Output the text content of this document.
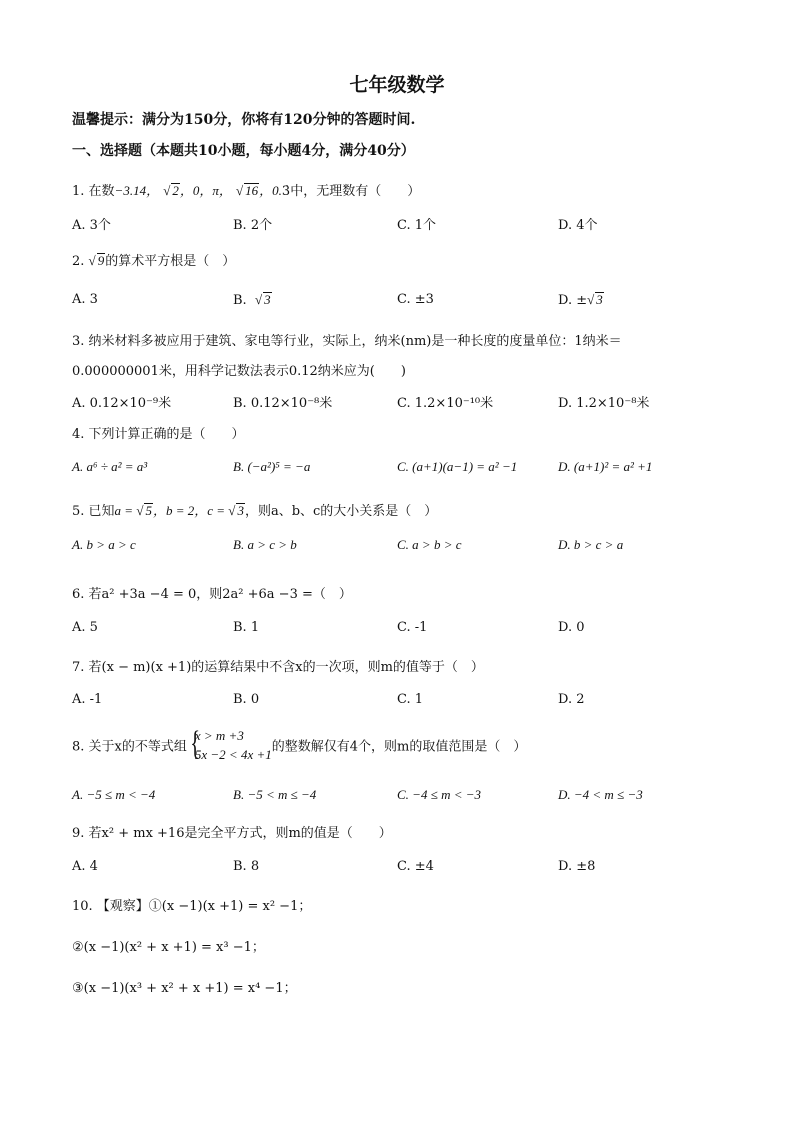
七年级数学
温馨提示：满分为150分，你将有120分钟的答题时间.
一、选择题（本题共10小题，每小题4分，满分40分）
1. 在数−3.14， √ 2，0，π， √ 16，0.3̇中，无理数有（　　）
A. 3个	B. 2个	C. 1个	D. 4个
2. √ 9的算术平方根是（　）
A. 3	B. √ 3	C. ±3	D. ±√ 3
3. 纳米材料多被应用于建筑、家电等行业，实际上，纳米(nm)是一种长度的度量单位：1纳米＝
0.000000001米，用科学记数法表示0.12纳米应为(　　)
A. 0.12×10⁻⁹米	B. 0.12×10⁻⁸米	C. 1.2×10⁻¹⁰米	D. 1.2×10⁻⁸米
4. 下列计算正确的是（　　）
A. a⁶ ÷ a² = a³	B. (−a²)⁵ = −a	C. (a+1)(a−1) = a² −1	D. (a+1)² = a² +1
5. 已知a = √ 5，b = 2，c = √ 3，则a、b、c的大小关系是（　）
A. b > a > c	B. a > c > b	C. a > b > c	D. b > c > a
6. 若a² +3a −4 = 0，则2a² +6a −3 =（　）
A. 5	B. 1	C. -1	D. 0
7. 若(x − m)(x +1)的运算结果中不含x的一次项，则m的值等于（　）
A. -1	B. 0	C. 1	D. 2
8. 关于x的不等式组 {
x > m +3
5x −2 < 4x +1 的整数解仅有4个，则m的取值范围是（　）
A. −5 ≤ m < −4	B. −5 < m ≤ −4	C. −4 ≤ m < −3	D. −4 < m ≤ −3
9. 若x² + mx +16是完全平方式，则m的值是（　　）
A. 4	B. 8	C. ±4	D. ±8
10. 【观察】①(x −1)(x +1) = x² −1；
②(x −1)(x² + x +1) = x³ −1；
③(x −1)(x³ + x² + x +1) = x⁴ −1；
